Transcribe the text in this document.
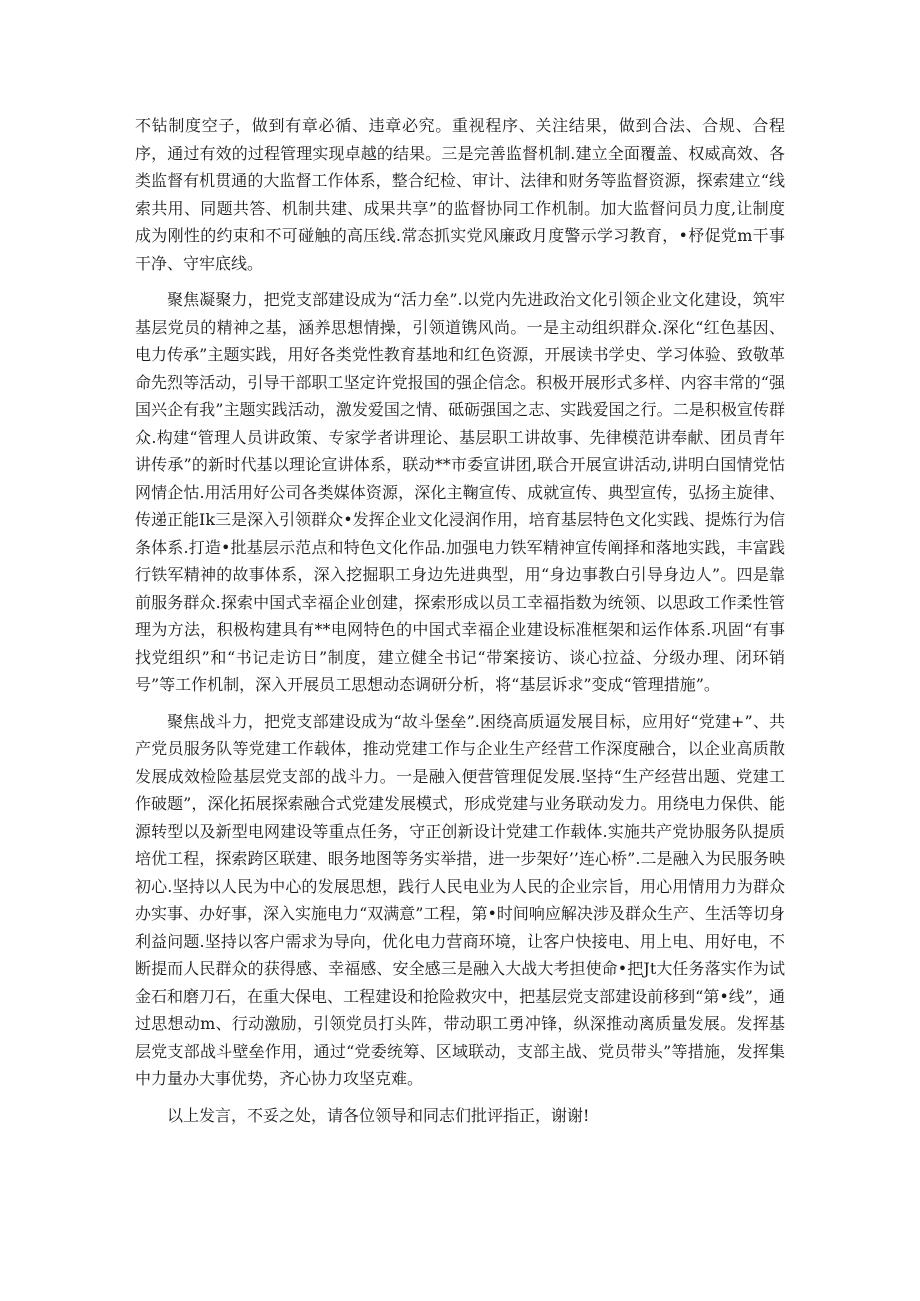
不钻制度空子，做到有章必循、违章必究。重视程序、关注结果，做到合法、合规、合程序，通过有效的过程管理实现卓越的结果。三是完善监督机制.建立全面覆盖、权威高效、各类监督有机贯通的大监督工作体系，整合纪检、审计、法律和财务等监督资源，探索建立“线索共用、同题共答、机制共建、成果共享”的监督协同工作机制。加大监督问员力度,让制度成为刚性的约束和不可碰触的高压线.常态抓实党风廉政月度警示学习教育，•杼促党m干事干净、守牢底线。

聚焦凝聚力，把党支部建设成为“活力垒”.以党内先进政治文化引领企业文化建设，筑牢基层党员的精神之基，涵养思想情操，引领道镌风尚。一是主动组织群众.深化“红色基因、电力传承”主题实践，用好各类党性教育基地和红色资源，开展读书学史、学习体验、致敬革命先烈等活动，引导干部职工坚定许党报国的强企信念。积极开展形式多样、内容丰常的“强国兴企有我”主题实践活动，激发爱国之情、砥砺强国之志、实践爱国之行。二是积极宣传群众.构建“管理人员讲政策、专家学者讲理论、基层职工讲故事、先律模范讲奉献、团员青年讲传承”的新时代基以理论宣讲体系，联动**市委宣讲团,联合开展宣讲活动,讲明白国情党怙网情企怙.用活用好公司各类媒体资源，深化主鞠宣传、成就宣传、典型宣传，弘扬主旋律、传递正能Ik三是深入引领群众•发挥企业文化浸润作用，培育基层特色文化实践、提炼行为信条体系.打造•批基层示范点和特色文化作品.加强电力铁军精神宣传阐择和落地实践，丰富践行铁军精神的故事体系，深入挖掘职工身边先进典型，用“身边事教白引导身边人”。四是靠前服务群众.探索中国式幸福企业创建，探索形成以员工幸福指数为统领、以思政工作柔性管理为方法，积极构建具有**电网特色的中国式幸福企业建设标准框架和运作体系.巩固“有事找党组织”和“书记走访日”制度，建立健全书记“带案接访、谈心拉益、分级办理、闭环销号”等工作机制，深入开展员工思想动态调研分析，将“基层诉求”变成“管理措施”。

聚焦战斗力，把党支部建设成为“故斗堡垒”.困绕高质逼发展目标，应用好“党建+”、共产党员服务队等党建工作载体，推动党建工作与企业生产经营工作深度融合，以企业高质散发展成效检险基层党支部的战斗力。一是融入便营管理促发展.坚持“生产经营出题、党建工作破题”，深化拓展探索融合式党建发展模式，形成党建与业务联动发力。用绕电力保供、能源转型以及新型电网建设等重点任务，守正创新设计党建工作载体.实施共产党协服务队提质培优工程，探索跨区联建、眼务地图等务实举措，进一步架好’’连心桥”.二是融入为民服务映初心.坚持以人民为中心的发展思想，践行人民电业为人民的企业宗旨，用心用情用力为群众办实事、办好事，深入实施电力“双满意”工程，第•时间响应解决涉及群众生产、生活等切身利益问题.坚持以客户需求为导向，优化电力营商环境，让客户快接电、用上电、用好电，不断提而人民群众的获得感、幸福感、安全感三是融入大战大考担使命•把Jt大任务落实作为试金石和磨刀石，在重大保电、工程建设和抢险救灾中，把基层党支部建设前移到“第•线”，通过思想动m、行动激励，引领党员打头阵，带动职工勇冲锋，纵深推动离质量发展。发挥基层党支部战斗壁垒作用，通过“党委统筹、区域联动，支部主战、党员带头”等措施，发挥集中力量办大事优势，齐心协力攻坚克难。

以上发言，不妥之处，请各位领导和同志们批评指正，谢谢!
